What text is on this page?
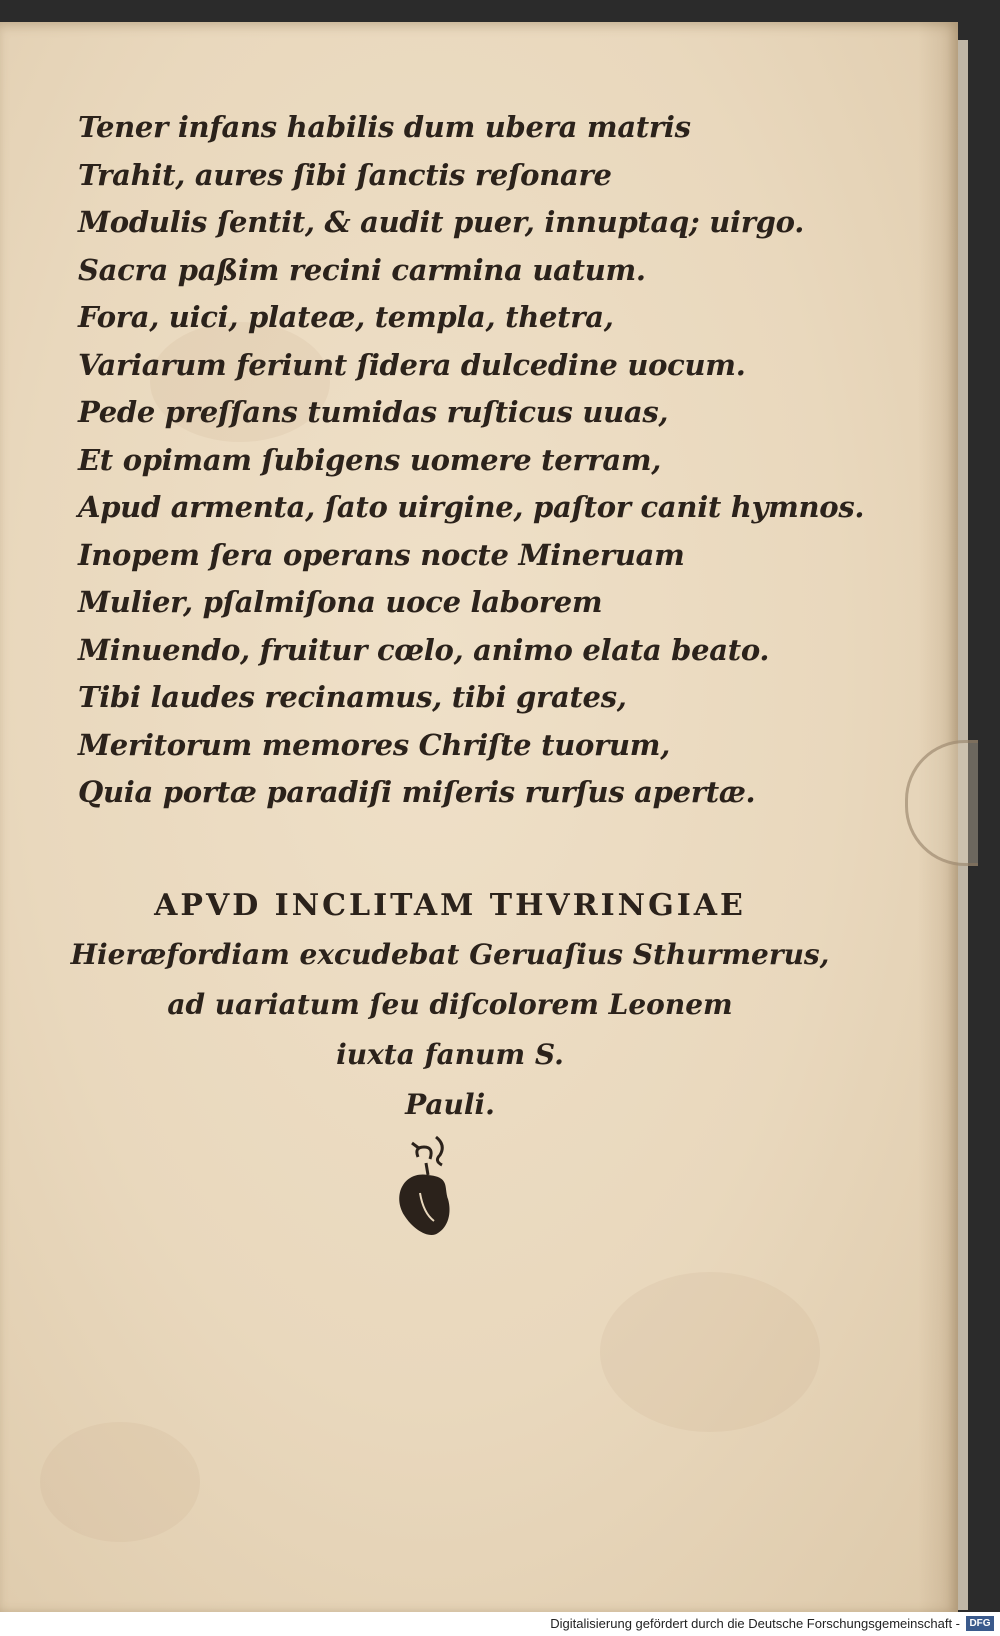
Tener infans habilis dum ubera matris
Trahit, aures ſibi ſanctis reſonare
Modulis ſentit, & audit puer, innuptaq; uirgo.
Sacra paßim recini carmina uatum.
Fora, uici, plateæ, templa, thetra,
Variarum feriunt ſidera dulcedine uocum.
Pede preſſans tumidas ruſticus uuas,
Et opimam ſubigens uomere terram,
Apud armenta, ſato uirgine, paſtor canit hymnos.
Inopem ſera operans nocte Mineruam
Mulier, pſalmiſona uoce laborem
Minuendo, fruitur cœlo, animo elata beato.
Tibi laudes recinamus, tibi grates,
Meritorum memores Chriſte tuorum,
Quia portæ paradiſi miſeris rurſus apertæ.
APVD INCLITAM THVRINGIAE
Hieræfordiam excudebat Geruaſius Sthurmerus,
ad uariatum ſeu diſcolorem Leonem
iuxta fanum S.
Pauli.
Digitalisierung gefördert durch die Deutsche Forschungsgemeinschaft - DFG
